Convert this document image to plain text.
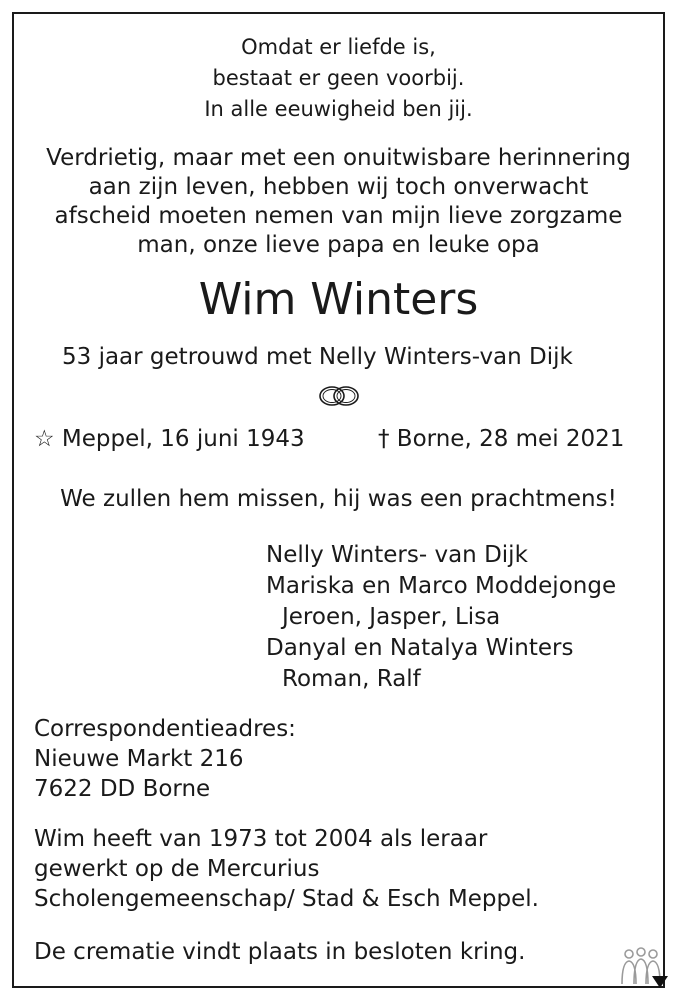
Omdat er liefde is,
bestaat er geen voorbij.
In alle eeuwigheid ben jij.
Verdrietig, maar met een onuitwisbare herinnering
aan zijn leven, hebben wij toch onverwacht
afscheid moeten nemen van mijn lieve zorgzame
man, onze lieve papa en leuke opa
Wim Winters
53 jaar getrouwd met Nelly Winters-van Dijk
☆ Meppel, 16 juni 1943	† Borne, 28 mei 2021
We zullen hem missen, hij was een prachtmens!
Nelly Winters- van Dijk
Mariska en Marco Moddejonge
Jeroen, Jasper, Lisa
Danyal en Natalya Winters
Roman, Ralf
Correspondentieadres:
Nieuwe Markt 216
7622 DD Borne
Wim heeft van 1973 tot 2004 als leraar
gewerkt op de Mercurius
Scholengemeenschap/ Stad & Esch Meppel.
De crematie vindt plaats in besloten kring.
